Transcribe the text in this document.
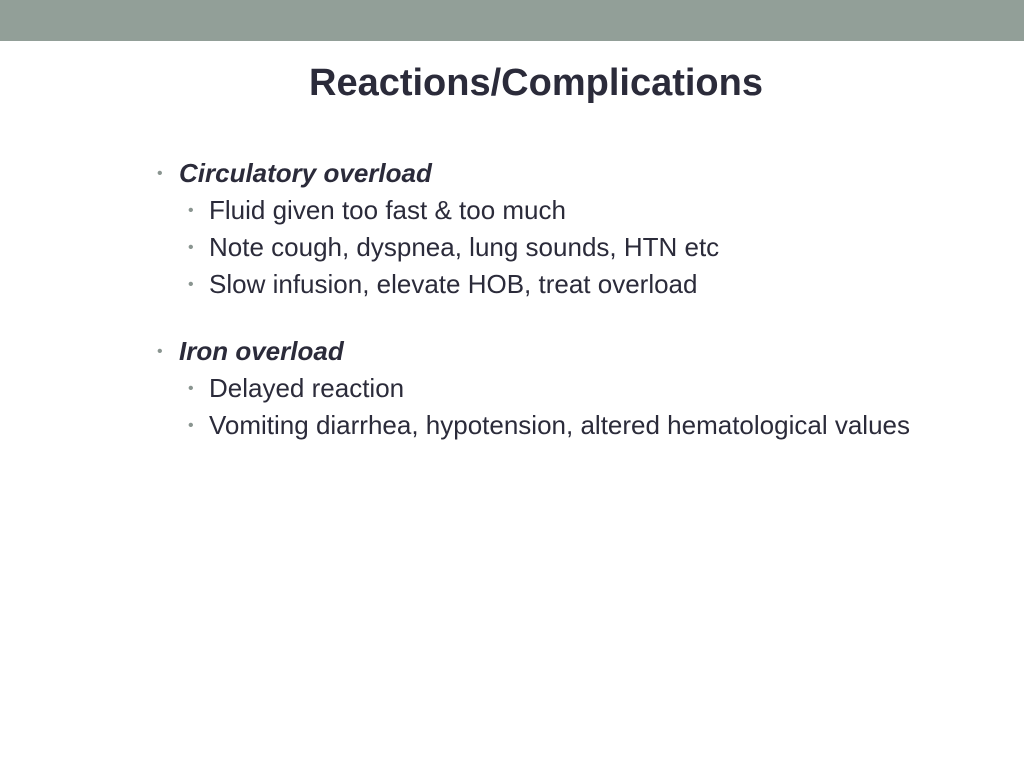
Reactions/Complications
• Circulatory overload
• Fluid given too fast & too much
• Note cough, dyspnea, lung sounds, HTN etc
• Slow infusion, elevate HOB, treat overload
• Iron overload
• Delayed reaction
• Vomiting diarrhea, hypotension, altered hematological values
